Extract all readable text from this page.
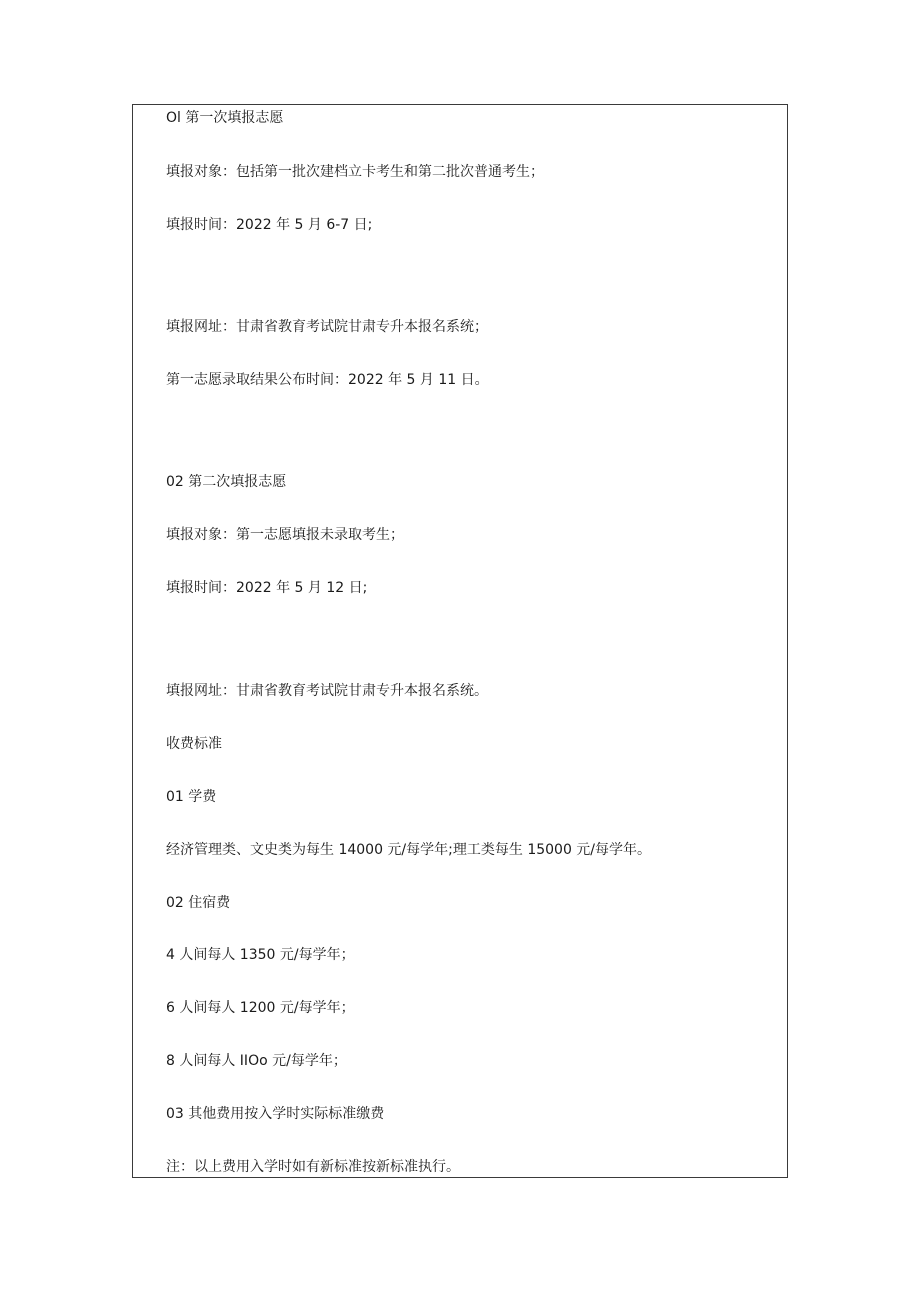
Ol 第一次填报志愿
填报对象：包括第一批次建档立卡考生和第二批次普通考生；
填报时间：2022 年 5 月 6-7 日;
填报网址：甘肃省教育考试院甘肃专升本报名系统；
第一志愿录取结果公布时间：2022 年 5 月 11 日。
02 第二次填报志愿
填报对象：第一志愿填报未录取考生；
填报时间：2022 年 5 月 12 日;
填报网址：甘肃省教育考试院甘肃专升本报名系统。
收费标准
01 学费
经济管理类、文史类为每生 14000 元/每学年;理工类每生 15000 元/每学年。
02 住宿费
4 人间每人 1350 元/每学年；
6 人间每人 1200 元/每学年；
8 人间每人 IIOo 元/每学年；
03 其他费用按入学时实际标准缴费
注：以上费用入学时如有新标准按新标准执行。
